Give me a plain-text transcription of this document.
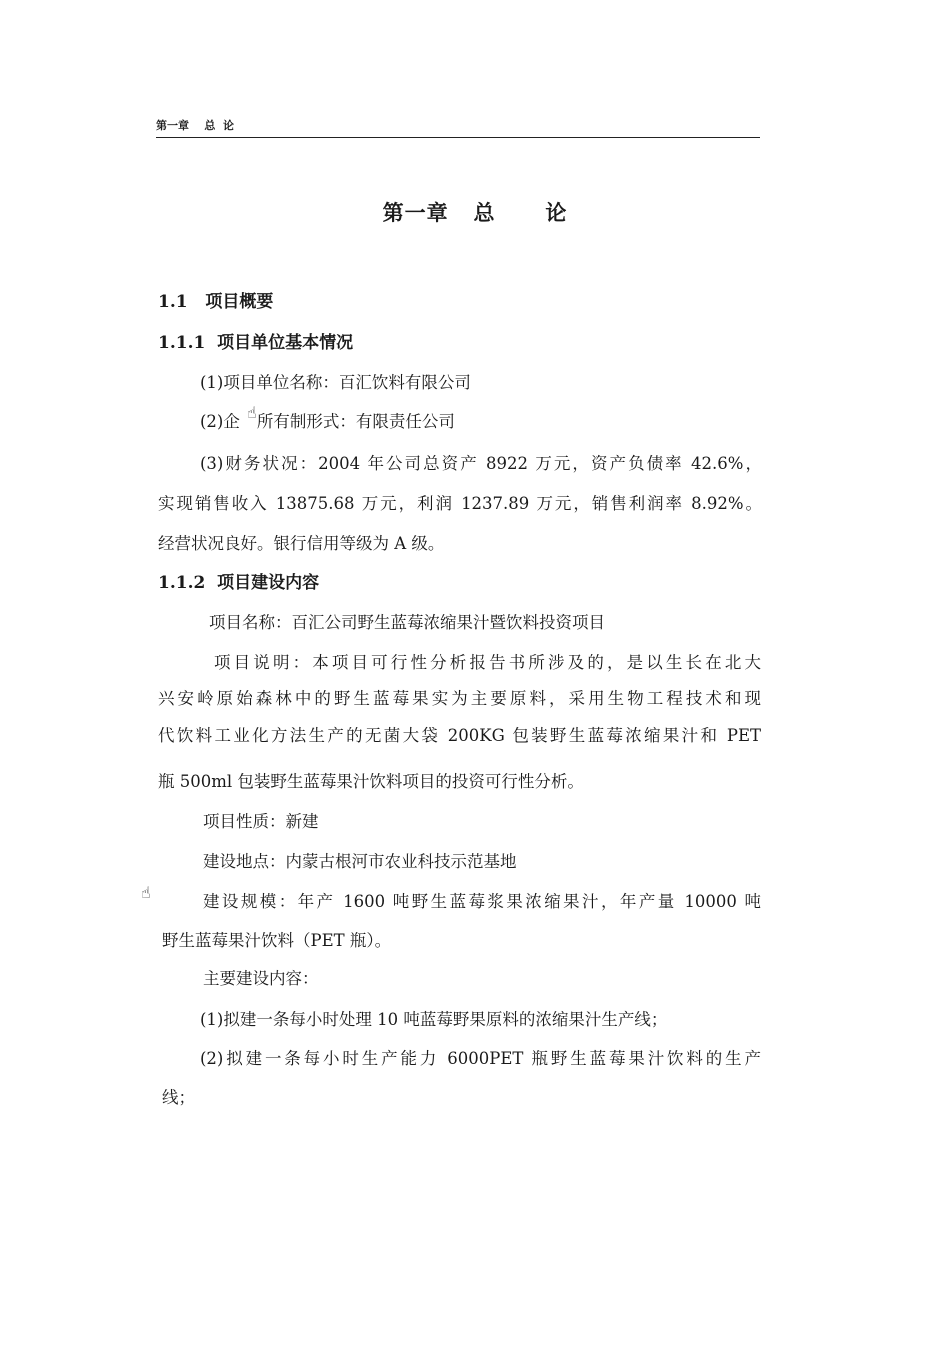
第一章    总  论
第一章   总      论
1.1   项目概要
1.1.1  项目单位基本情况
(1)项目单位名称：百汇饮料有限公司
(2)企 所有制形式：有限责任公司
☝
(3)财务状况：2004 年公司总资产 8922 万元，资产负债率 42.6%，
实现销售收入 13875.68 万元，利润 1237.89 万元，销售利润率 8.92%。
经营状况良好。银行信用等级为 A 级。
1.1.2  项目建设内容
项目名称：百汇公司野生蓝莓浓缩果汁暨饮料投资项目
项目说明：本项目可行性分析报告书所涉及的，是以生长在北大
兴安岭原始森林中的野生蓝莓果实为主要原料，采用生物工程技术和现
代饮料工业化方法生产的无菌大袋 200KG 包装野生蓝莓浓缩果汁和 PET
瓶 500ml 包装野生蓝莓果汁饮料项目的投资可行性分析。
项目性质：新建
建设地点：内蒙古根河市农业科技示范基地
☝	建设规模：年产 1600 吨野生蓝莓浆果浓缩果汁，年产量 10000 吨
野生蓝莓果汁饮料（PET 瓶）。
主要建设内容：
(1)拟建一条每小时处理 10 吨蓝莓野果原料的浓缩果汁生产线；
(2)拟建一条每小时生产能力 6000PET 瓶野生蓝莓果汁饮料的生产
线；
